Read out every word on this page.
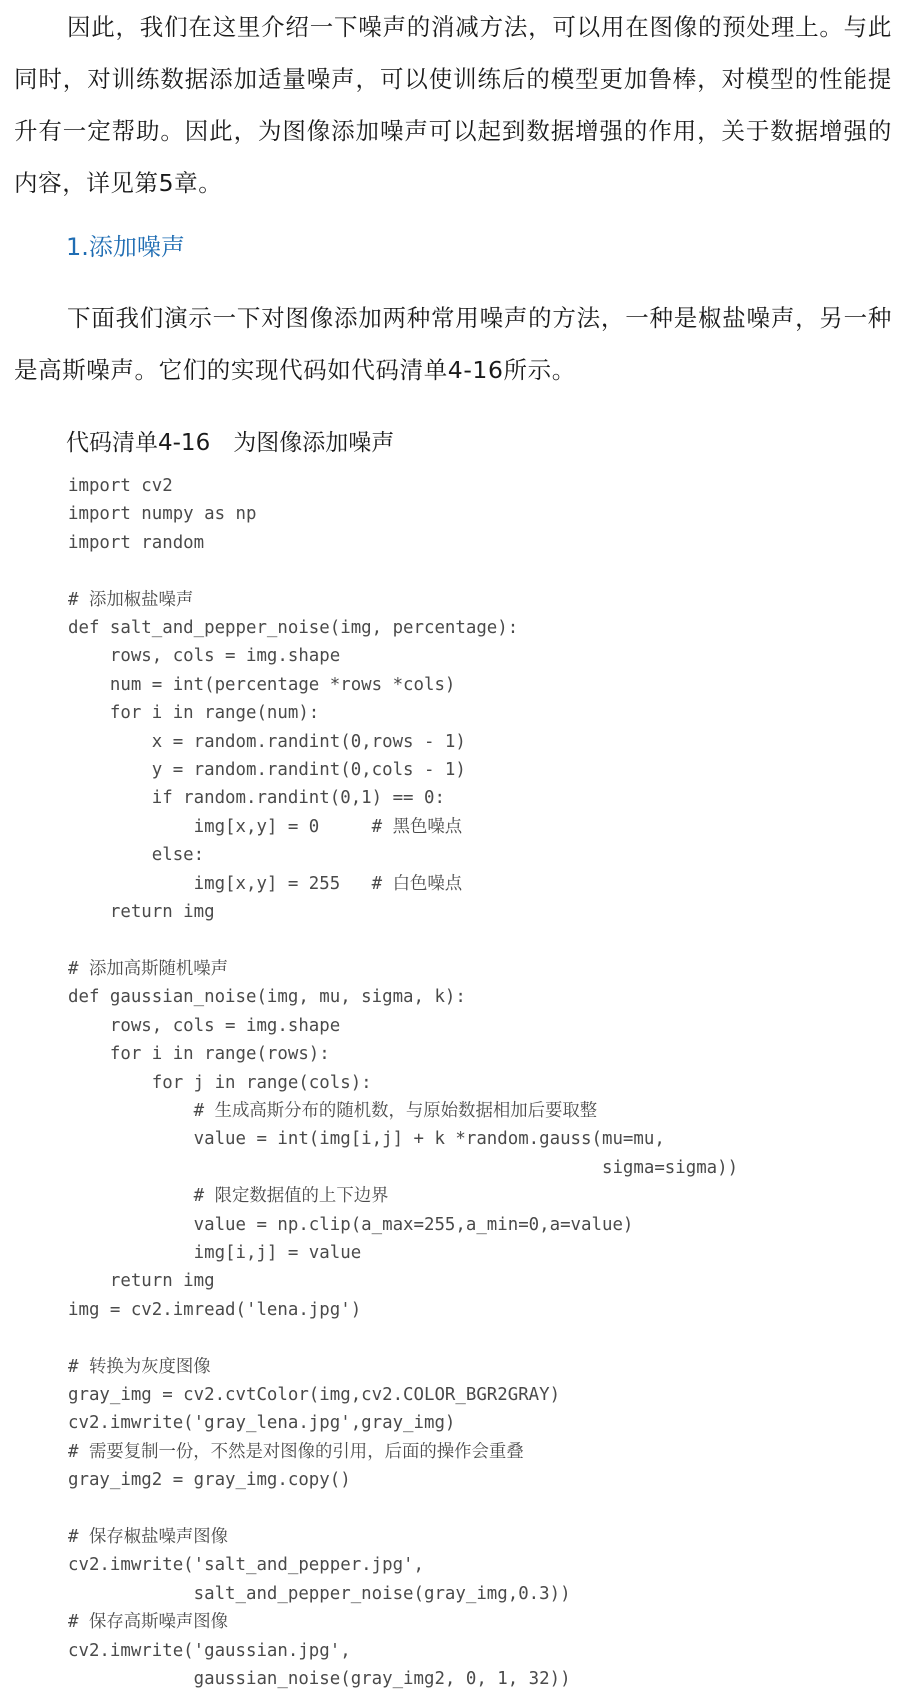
因此，我们在这里介绍一下噪声的消减方法，可以用在图像的预处理上。与此同时，对训练数据添加适量噪声，可以使训练后的模型更加鲁棒，对模型的性能提升有一定帮助。因此，为图像添加噪声可以起到数据增强的作用，关于数据增强的内容，详见第5章。

1.添加噪声

下面我们演示一下对图像添加两种常用噪声的方法，一种是椒盐噪声，另一种是高斯噪声。它们的实现代码如代码清单4-16所示。

代码清单4-16　为图像添加噪声
import cv2
import numpy as np
import random

# 添加椒盐噪声
def salt_and_pepper_noise(img, percentage):
rows, cols = img.shape
num = int(percentage *rows *cols)
for i in range(num):
x = random.randint(0,rows - 1)
y = random.randint(0,cols - 1)
if random.randint(0,1) == 0:
img[x,y] = 0     # 黑色噪点
else:
img[x,y] = 255   # 白色噪点
return img

# 添加高斯随机噪声
def gaussian_noise(img, mu, sigma, k):
rows, cols = img.shape
for i in range(rows):
for j in range(cols):
# 生成高斯分布的随机数，与原始数据相加后要取整
value = int(img[i,j] + k *random.gauss(mu=mu,
sigma=sigma))
# 限定数据值的上下边界
value = np.clip(a_max=255,a_min=0,a=value)
img[i,j] = value
return img
img = cv2.imread('lena.jpg')

# 转换为灰度图像
gray_img = cv2.cvtColor(img,cv2.COLOR_BGR2GRAY)
cv2.imwrite('gray_lena.jpg',gray_img)
# 需要复制一份，不然是对图像的引用，后面的操作会重叠
gray_img2 = gray_img.copy()

# 保存椒盐噪声图像
cv2.imwrite('salt_and_pepper.jpg',
salt_and_pepper_noise(gray_img,0.3))
# 保存高斯噪声图像
cv2.imwrite('gaussian.jpg',
gaussian_noise(gray_img2, 0, 1, 32))
